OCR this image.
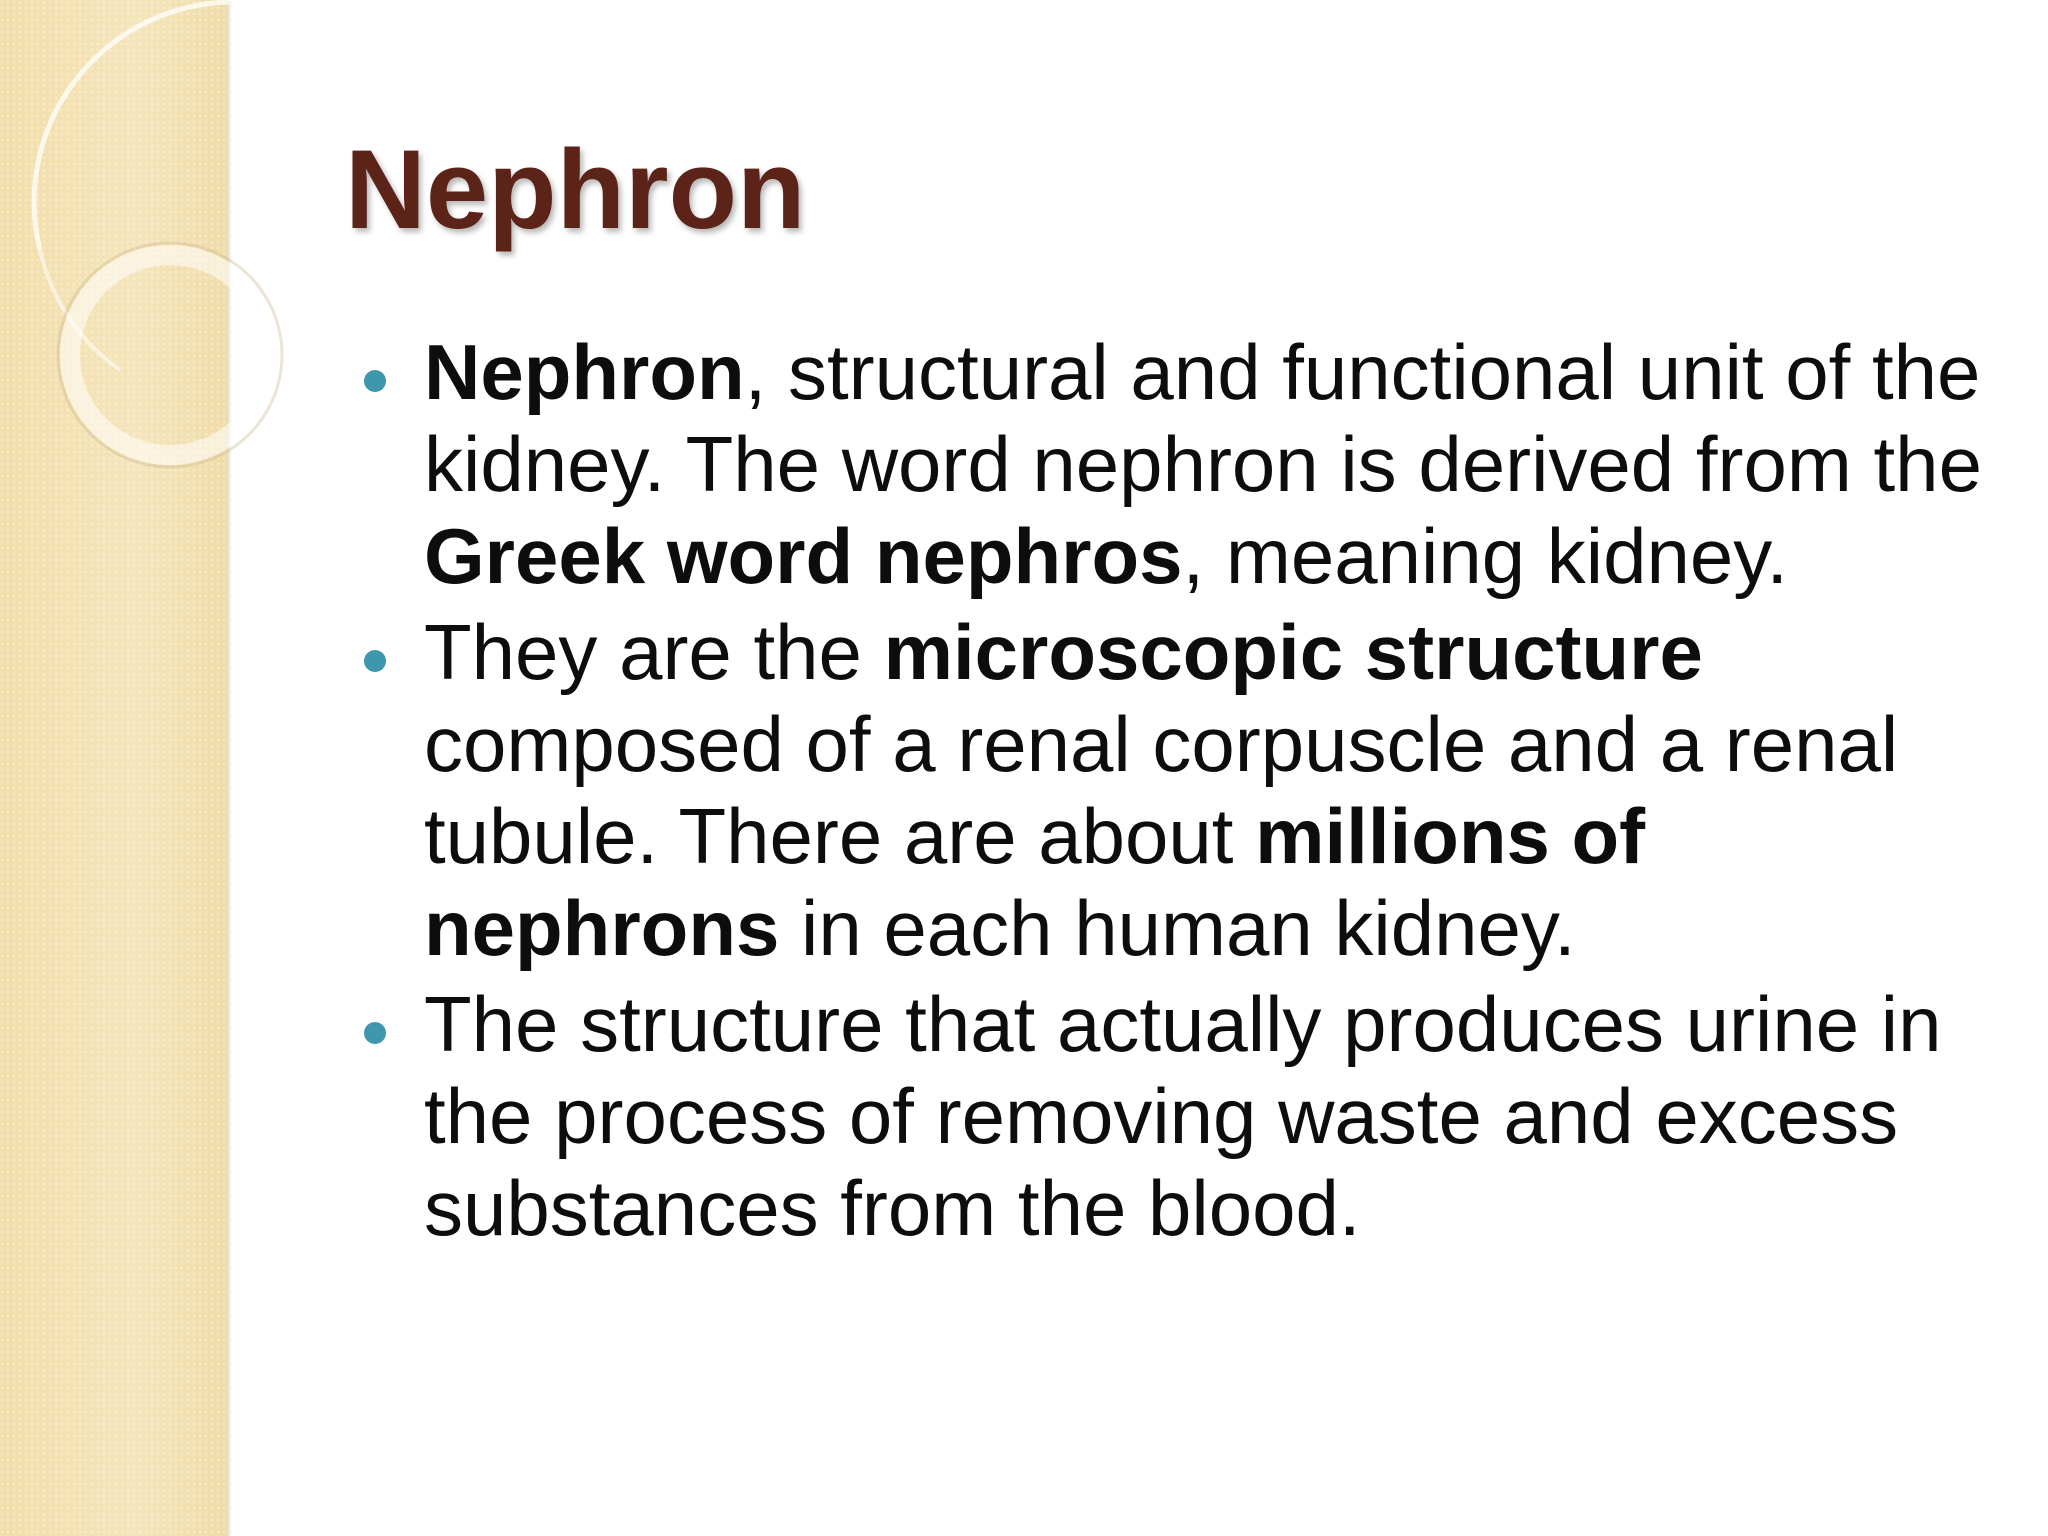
Nephron
Nephron, structural and functional unit of the kidney. The word nephron is derived from the Greek word nephros, meaning kidney.
They are the microscopic structure composed of a renal corpuscle and a renal tubule. There are about millions of nephrons in each human kidney.
The structure that actually produces urine in the process of removing waste and excess substances from the blood.
